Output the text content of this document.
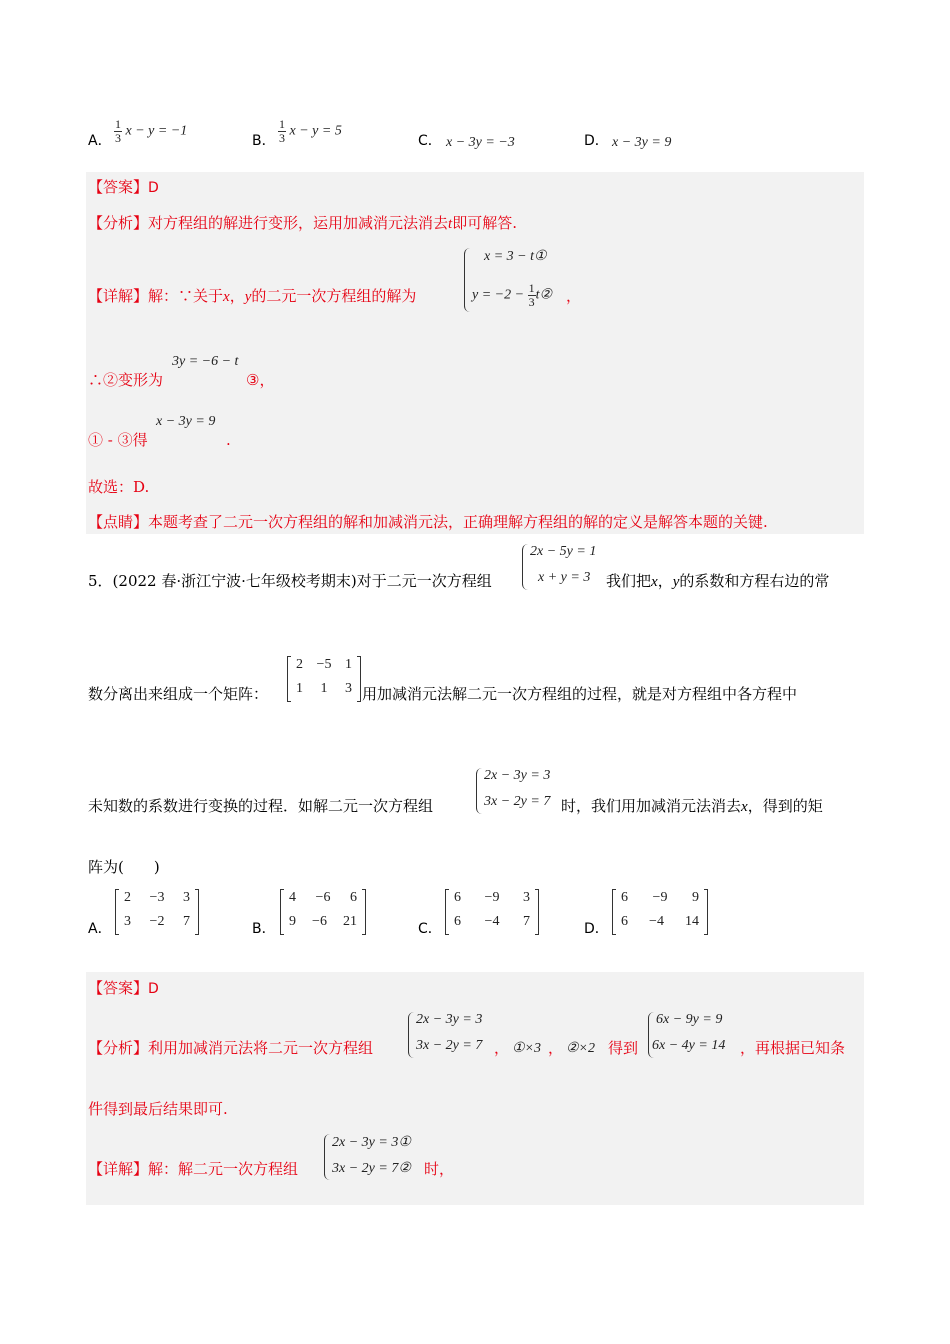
A． $\frac{1}{3}$ x − y = −1
B． $\frac{1}{3}$ x − y = 5
C． x − 3y = −3	D． x − 3y = 9
【答案】D
【分析】对方程组的解进行变形，运用加减消元法消去t即可解答.
【详解】解：∵关于x，y的二元一次方程组的解为
x = 3 − t①
$y = -2 - \frac{1}{3}$ t② ，
∴②变形为
3y = −6 − t
③，
① - ③得
x − 3y = 9
.
故选：D.
【点睛】本题考查了二元一次方程组的解和加减消元法，正确理解方程组的解的定义是解答本题的关键.
5．(2022 春·浙江宁波·七年级校考期末)对于二元一次方程组
2x − 5y = 1
x + y = 3 我们把x，y的系数和方程右边的常
数分离出来组成一个矩阵：
2 −5 1
1 1 3 用加减消元法解二元一次方程组的过程，就是对方程组中各方程中
未知数的系数进行变换的过程．如解二元一次方程组
2x − 3y = 3
3x − 2y = 7 时，我们用加减消元法消去x，得到的矩
阵为(　　)
A．
2 −3 3
3 −2 7	B．
4 −6 6
9 −6 21	C．
6 −9 3
6 −4 7	D．
6 −9 9
6 −4 14
【答案】D
【分析】利用加减消元法将二元一次方程组
2x − 3y = 3
3x − 2y = 7 ， ①×3 ， ②×2 得到
6x − 9y = 9
6x − 4y = 14 ，再根据已知条
件得到最后结果即可.
【详解】解：解二元一次方程组
2x − 3y = 3①
3x − 2y = 7② 时，
